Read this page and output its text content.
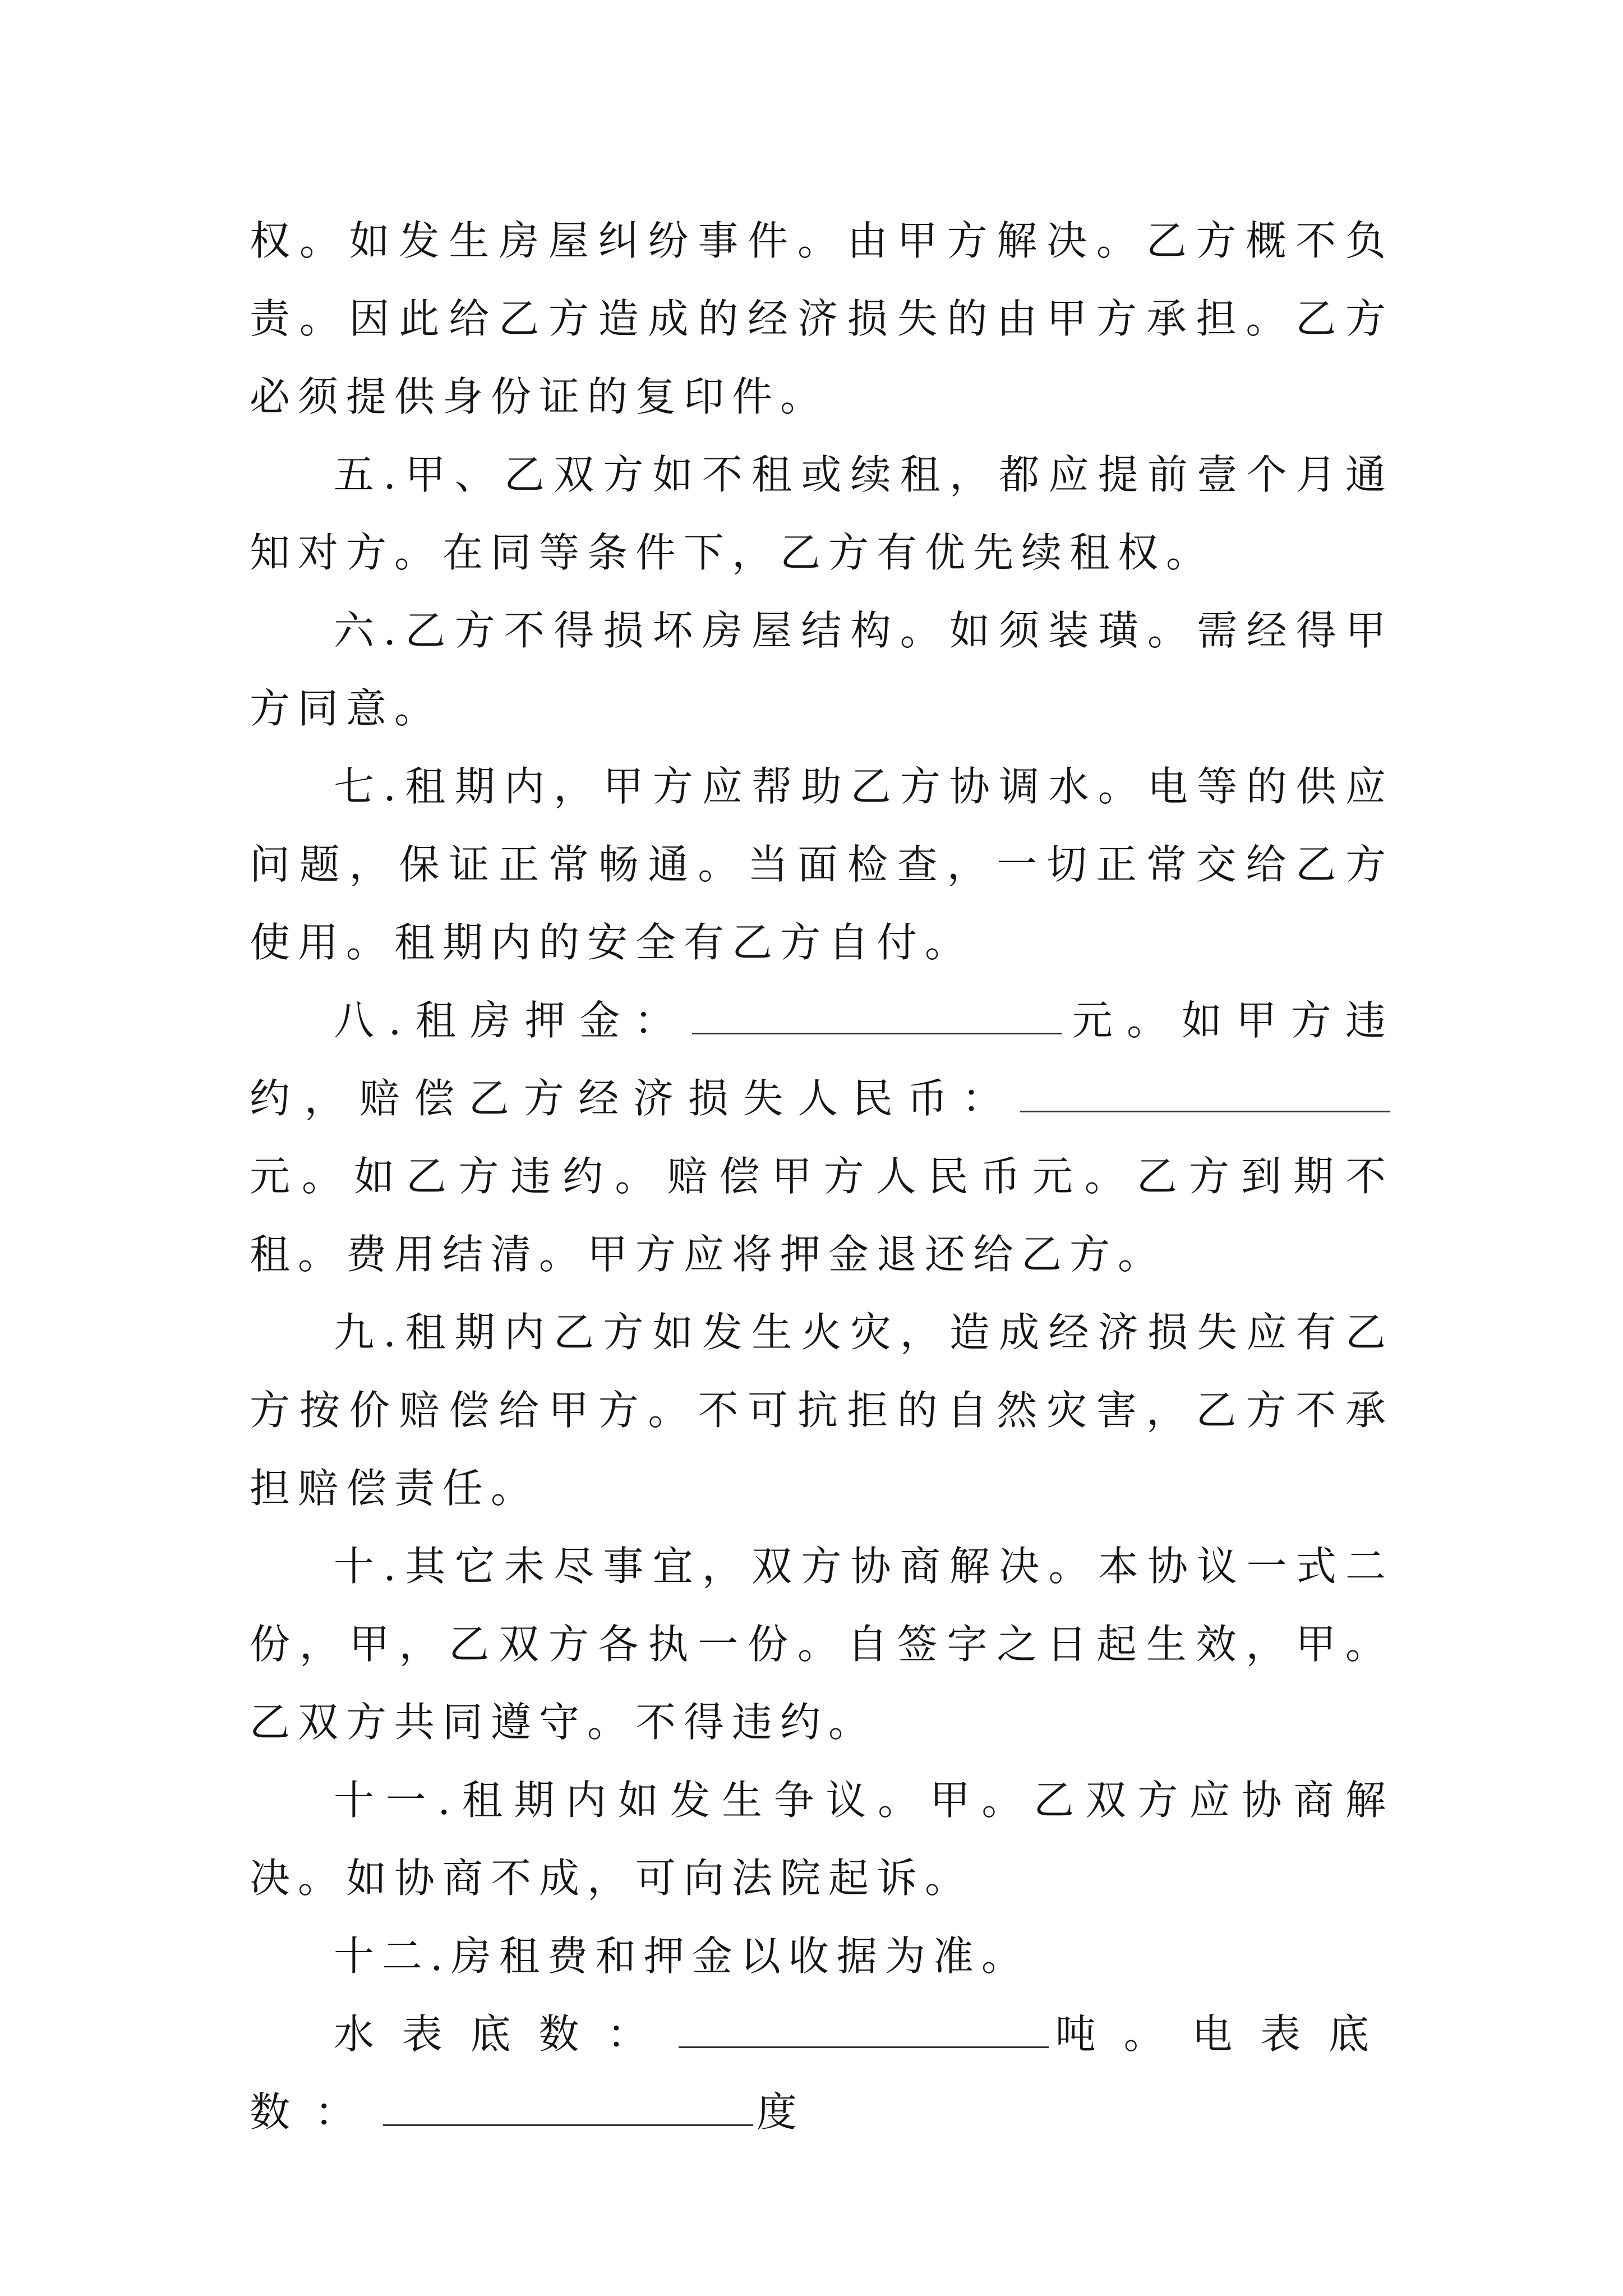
权。如发生房屋纠纷事件。由甲方解决。乙方概不负责。因此给乙方造成的经济损失的由甲方承担。乙方必须提供身份证的复印件。

五.甲、乙双方如不租或续租，都应提前壹个月通知对方。在同等条件下，乙方有优先续租权。

六.乙方不得损坏房屋结构。如须装璜。需经得甲方同意。

七.租期内，甲方应帮助乙方协调水。电等的供应问题，保证正常畅通。当面检查，一切正常交给乙方使用。租期内的安全有乙方自付。

八.租房押金：	元。如甲方违约，赔偿乙方经济损失人民币：元。如乙方违约。赔偿甲方人民币元。乙方到期不租。费用结清。甲方应将押金退还给乙方。

九.租期内乙方如发生火灾，造成经济损失应有乙方按价赔偿给甲方。不可抗拒的自然灾害，乙方不承担赔偿责任。

十.其它未尽事宜，双方协商解决。本协议一式二份，甲，乙双方各执一份。自签字之日起生效，甲。乙双方共同遵守。不得违约。

十一.租期内如发生争议。甲。乙双方应协商解决。如协商不成，可向法院起诉。

十二.房租费和押金以收据为准。

水表底数：	吨。电表底数：	度
